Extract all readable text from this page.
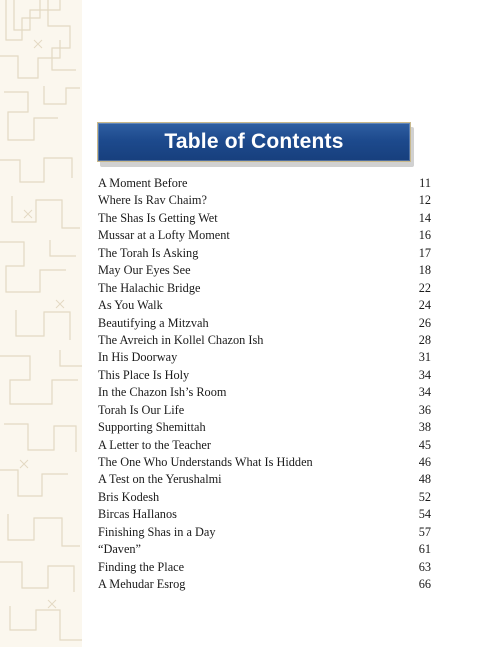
Table of Contents
A Moment Before	11
Where Is Rav Chaim?	12
The Shas Is Getting Wet	14
Mussar at a Lofty Moment	16
The Torah Is Asking	17
May Our Eyes See	18
The Halachic Bridge	22
As You Walk	24
Beautifying a Mitzvah	26
The Avreich in Kollel Chazon Ish	28
In His Doorway	31
This Place Is Holy	34
In the Chazon Ish’s Room	34
Torah Is Our Life	36
Supporting Shemittah	38
A Letter to the Teacher	45
The One Who Understands What Is Hidden	46
A Test on the Yerushalmi	48
Bris Kodesh	52
Bircas HaIlanos	54
Finishing Shas in a Day	57
“Daven”	61
Finding the Place	63
A Mehudar Esrog	66
